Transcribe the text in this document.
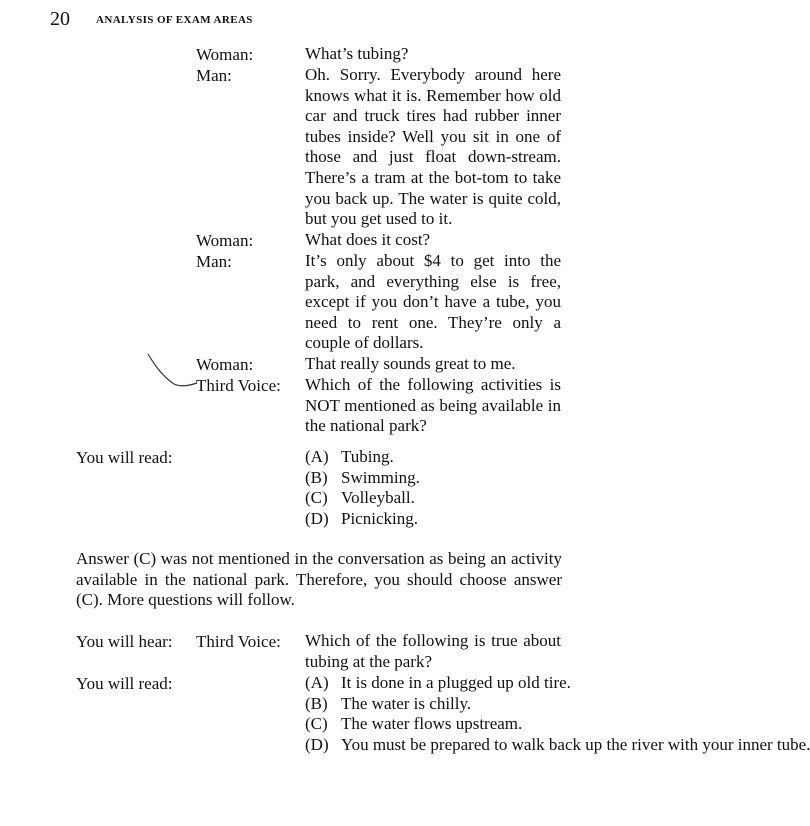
20 ANALYSIS OF EXAM AREAS
Woman:	What’s tubing?
Man:	Oh. Sorry. Everybody around here knows what it is. Remember how old car and truck tires had rubber inner tubes inside? Well you sit in one of those and just float down-stream. There’s a tram at the bot-tom to take you back up. The water is quite cold, but you get used to it.
Woman:	What does it cost?
Man:	It’s only about $4 to get into the park, and everything else is free, except if you don’t have a tube, you need to rent one. They’re only a couple of dollars.
Woman:	That really sounds great to me.
Third Voice: Which of the following activities is NOT mentioned as being available in the national park?
You will read:	(A) Tubing.
(B) Swimming.
(C) Volleyball.
(D) Picnicking.
Answer (C) was not mentioned in the conversation as being an activity available in the national park. Therefore, you should choose answer (C). More questions will follow.
You will hear: Third Voice: Which of the following is true about tubing at the park?
You will read:	(A) It is done in a plugged up old tire.
(B) The water is chilly.
(C) The water flows upstream.
(D) You must be prepared to walk back up the river with your inner tube.
